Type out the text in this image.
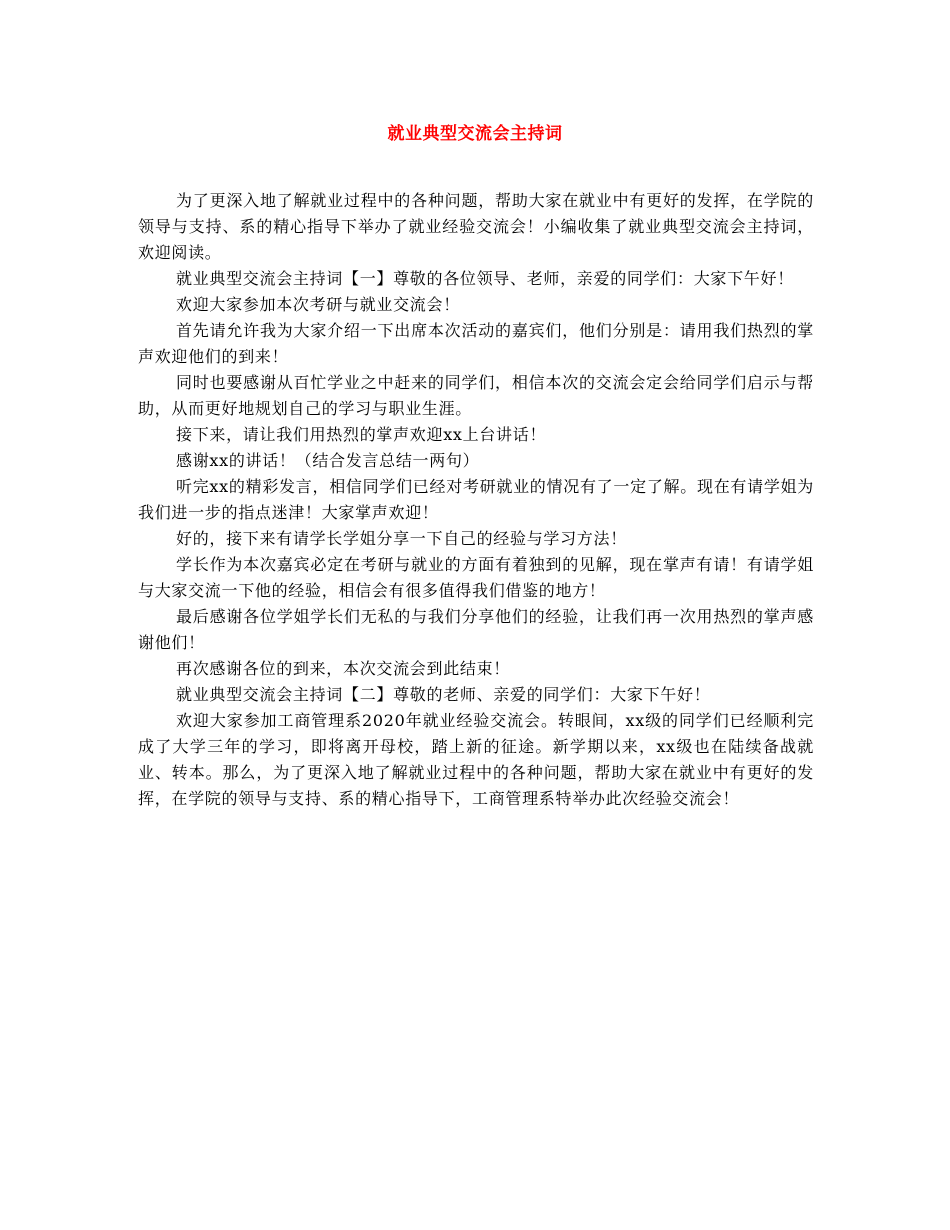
就业典型交流会主持词

为了更深入地了解就业过程中的各种问题，帮助大家在就业中有更好的发挥，在学院的领导与支持、系的精心指导下举办了就业经验交流会！小编收集了就业典型交流会主持词，欢迎阅读。

就业典型交流会主持词【一】尊敬的各位领导、老师，亲爱的同学们：大家下午好！

欢迎大家参加本次考研与就业交流会！

首先请允许我为大家介绍一下出席本次活动的嘉宾们，他们分别是：请用我们热烈的掌声欢迎他们的到来！

同时也要感谢从百忙学业之中赶来的同学们，相信本次的交流会定会给同学们启示与帮助，从而更好地规划自己的学习与职业生涯。

接下来，请让我们用热烈的掌声欢迎xx上台讲话！

感谢xx的讲话！（结合发言总结一两句）

听完xx的精彩发言，相信同学们已经对考研就业的情况有了一定了解。现在有请学姐为我们进一步的指点迷津！大家掌声欢迎！

好的，接下来有请学长学姐分享一下自己的经验与学习方法！

学长作为本次嘉宾必定在考研与就业的方面有着独到的见解，现在掌声有请！有请学姐与大家交流一下他的经验，相信会有很多值得我们借鉴的地方！

最后感谢各位学姐学长们无私的与我们分享他们的经验，让我们再一次用热烈的掌声感谢他们！

再次感谢各位的到来，本次交流会到此结束！

就业典型交流会主持词【二】尊敬的老师、亲爱的同学们：大家下午好！

欢迎大家参加工商管理系2020年就业经验交流会。转眼间，xx级的同学们已经顺利完成了大学三年的学习，即将离开母校，踏上新的征途。新学期以来，xx级也在陆续备战就业、转本。那么，为了更深入地了解就业过程中的各种问题，帮助大家在就业中有更好的发挥，在学院的领导与支持、系的精心指导下，工商管理系特举办此次经验交流会！
